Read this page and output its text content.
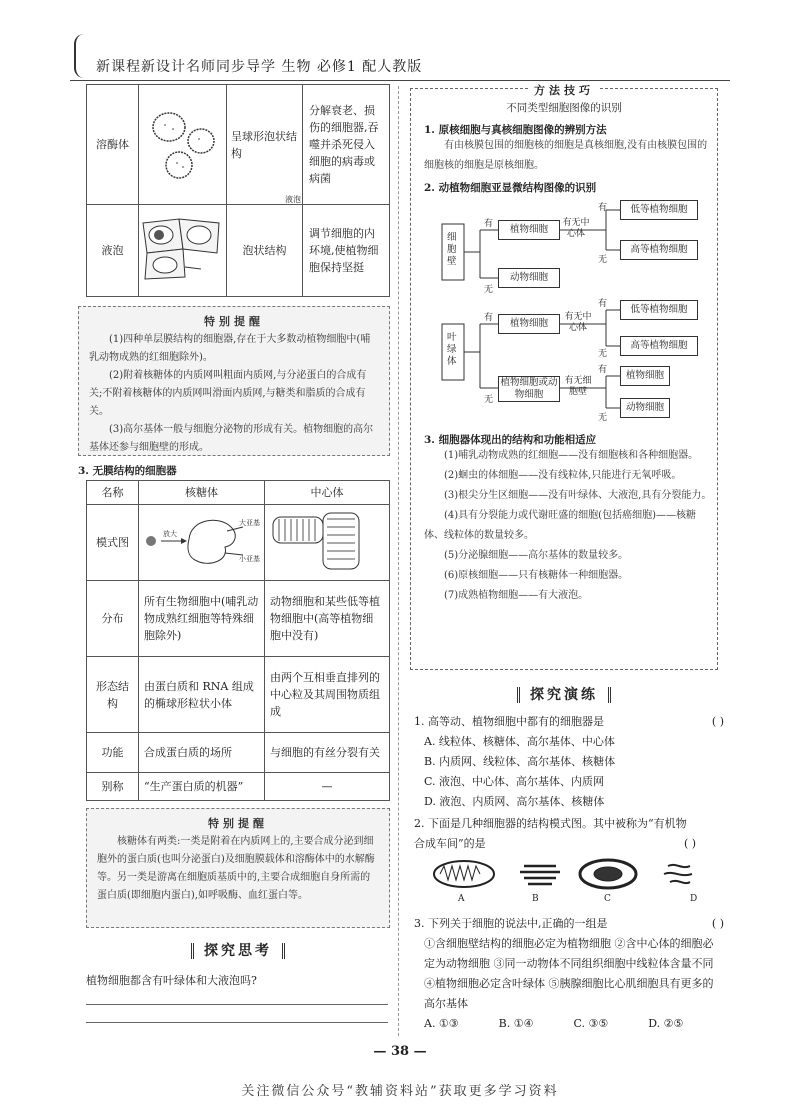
新课程新设计名师同步导学 生物 必修1 配人教版
溶酶体		呈球形泡状结构	分解衰老、损伤的细胞器,吞噬并杀死侵入细胞的病毒或病菌
液泡	液泡	泡状结构	调节细胞的内环境,使植物细胞保持坚挺
特别提醒

(1)四种单层膜结构的细胞器,存在于大多数动植物细胞中(哺乳动物成熟的红细胞除外)。

(2)附着核糖体的内质网叫粗面内质网,与分泌蛋白的合成有关;不附着核糖体的内质网叫滑面内质网,与糖类和脂质的合成有关。

(3)高尔基体一般与细胞分泌物的形成有关。植物细胞的高尔基体还参与细胞壁的形成。

3. 无膜结构的细胞器
名称	核糖体	中心体
模式图	放大
大亚基
小亚基

分布	所有生物细胞中(哺乳动物成熟红细胞等特殊细胞除外)	动物细胞和某些低等植物细胞中(高等植物细胞中没有)
形态结构	由蛋白质和 RNA 组成的椭球形粒状小体	由两个互相垂直排列的中心粒及其周围物质组成
功能	合成蛋白质的场所	与细胞的有丝分裂有关
别称	“生产蛋白质的机器”	—
特别提醒

核糖体有两类:一类是附着在内质网上的,主要合成分泌到细胞外的蛋白质(也叫分泌蛋白)及细胞膜载体和溶酶体中的水解酶等。另一类是游离在细胞质基质中的,主要合成细胞自身所需的蛋白质(即细胞内蛋白),如呼吸酶、血红蛋白等。

探究思考
植物细胞都含有叶绿体和大液泡吗?
方法技巧
不同类型细胞图像的识别
1. 原核细胞与真核细胞图像的辨别方法
有由核膜包围的细胞核的细胞是真核细胞,没有由核膜包围的细胞核的细胞是原核细胞。
2. 动植物细胞亚显微结构图像的识别
细胞壁
有
无
植物细胞
动物细胞
有无中心体
有
无
低等植物细胞
高等植物细胞
叶绿体
有
无
植物细胞
植物细胞或动物细胞
有无中心体
有无细胞壁
有
无
有
无
低等植物细胞
高等植物细胞
植物细胞
动物细胞
3. 细胞器体现出的结构和功能相适应
(1)哺乳动物成熟的红细胞——没有细胞核和各种细胞器。
(2)蛔虫的体细胞——没有线粒体,只能进行无氧呼吸。
(3)根尖分生区细胞——没有叶绿体、大液泡,具有分裂能力。
(4)具有分裂能力或代谢旺盛的细胞(包括癌细胞)——核糖体、线粒体的数量较多。
(5)分泌腺细胞——高尔基体的数量较多。
(6)原核细胞——只有核糖体一种细胞器。
(7)成熟植物细胞——有大液泡。
探究演练
1. 高等动、植物细胞中都有的细胞器是	( )
A. 线粒体、核糖体、高尔基体、中心体
B. 内质网、线粒体、高尔基体、核糖体
C. 液泡、中心体、高尔基体、内质网
D. 液泡、内质网、高尔基体、核糖体
2. 下面是几种细胞器的结构模式图。其中被称为“有机物合成车间”的是	( )
A	B	C	D
3. 下列关于细胞的说法中,正确的一组是	( )
①含细胞壁结构的细胞必定为植物细胞 ②含中心体的细胞必定为动物细胞 ③同一动物体不同组织细胞中线粒体含量不同 ④植物细胞必定含叶绿体 ⑤胰腺细胞比心肌细胞具有更多的高尔基体
A. ①③	B. ①④	C. ③⑤	D. ②⑤
— 38 —
关注微信公众号“教辅资料站”获取更多学习资料
